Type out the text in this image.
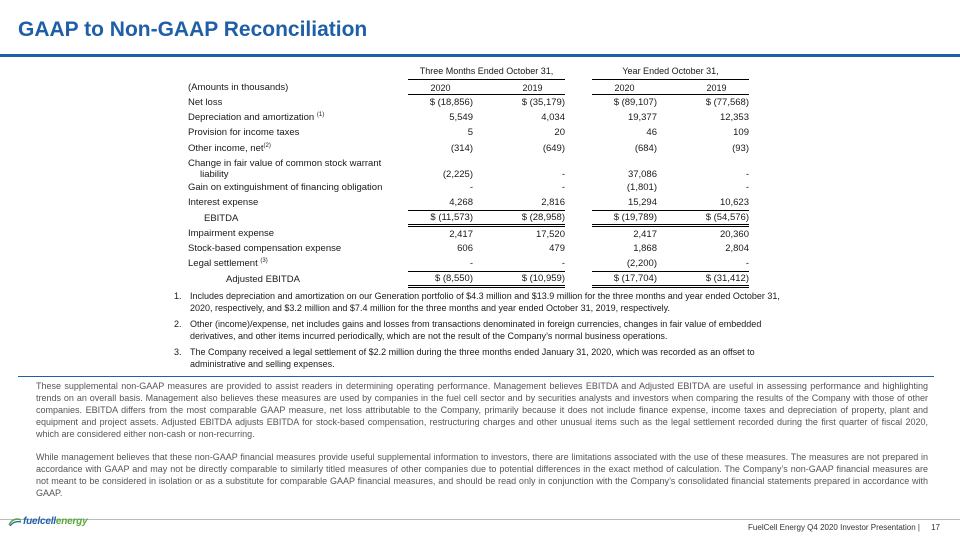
GAAP to Non-GAAP Reconciliation
	Three Months Ended October 31,				Year Ended October 31,		
(Amounts in thousands)	2020		2019		2020		2019
Net loss	$ (18,856)		$ (35,179)		$ (89,107)		$ (77,568)
Depreciation and amortization $^{(1)}$	5,549		4,034		19,377		12,353
Provision for income taxes	5		20		46		109
Other income, net$^{(2)}$	(314)		(649)		(684)		(93)
Change in fair value of common stock warrant
liability	(2,225)		-		37,086		-
Gain on extinguishment of financing obligation	-		-		(1,801)		-
Interest expense	4,268		2,816		15,294		10,623
EBITDA	$ (11,573)		$ (28,958)		$ (19,789)		$ (54,576)
Impairment expense	2,417		17,520		2,417		20,360
Stock-based compensation expense	606		479		1,868		2,804
Legal settlement $^{(3)}$	-		-		(2,200)		-
Adjusted EBITDA	$ (8,550)		$ (10,959)		$ (17,704)		$ (31,412)
1. Includes depreciation and amortization on our Generation portfolio of $4.3 million and $13.9 million for the three months and year ended October 31, 2020, respectively, and $3.2 million and $7.4 million for the three months and year ended October 31, 2019, respectively.
2. Other (income)/expense, net includes gains and losses from transactions denominated in foreign currencies, changes in fair value of embedded derivatives, and other items incurred periodically, which are not the result of the Company’s normal business operations.
3. The Company received a legal settlement of $2.2 million during the three months ended January 31, 2020, which was recorded as an offset to administrative and selling expenses.

These supplemental non-GAAP measures are provided to assist readers in determining operating performance. Management believes EBITDA and Adjusted EBITDA are useful in assessing performance and highlighting trends on an overall basis. Management also believes these measures are used by companies in the fuel cell sector and by securities analysts and investors when comparing the results of the Company with those of other companies. EBITDA differs from the most comparable GAAP measure, net loss attributable to the Company, primarily because it does not include finance expense, income taxes and depreciation of property, plant and equipment and project assets. Adjusted EBITDA adjusts EBITDA for stock-based compensation, restructuring charges and other unusual items such as the legal settlement recorded during the first quarter of fiscal 2020, which are considered either non-cash or non-recurring.

While management believes that these non-GAAP financial measures provide useful supplemental information to investors, there are limitations associated with the use of these measures. The measures are not prepared in accordance with GAAP and may not be directly comparable to similarly titled measures of other companies due to potential differences in the exact method of calculation. The Company’s non-GAAP financial measures are not meant to be considered in isolation or as a substitute for comparable GAAP financial measures, and should be read only in conjunction with the Company’s consolidated financial statements prepared in accordance with GAAP.

fuelcellenergy
FuelCell Energy Q4 2020 Investor Presentation | 17
